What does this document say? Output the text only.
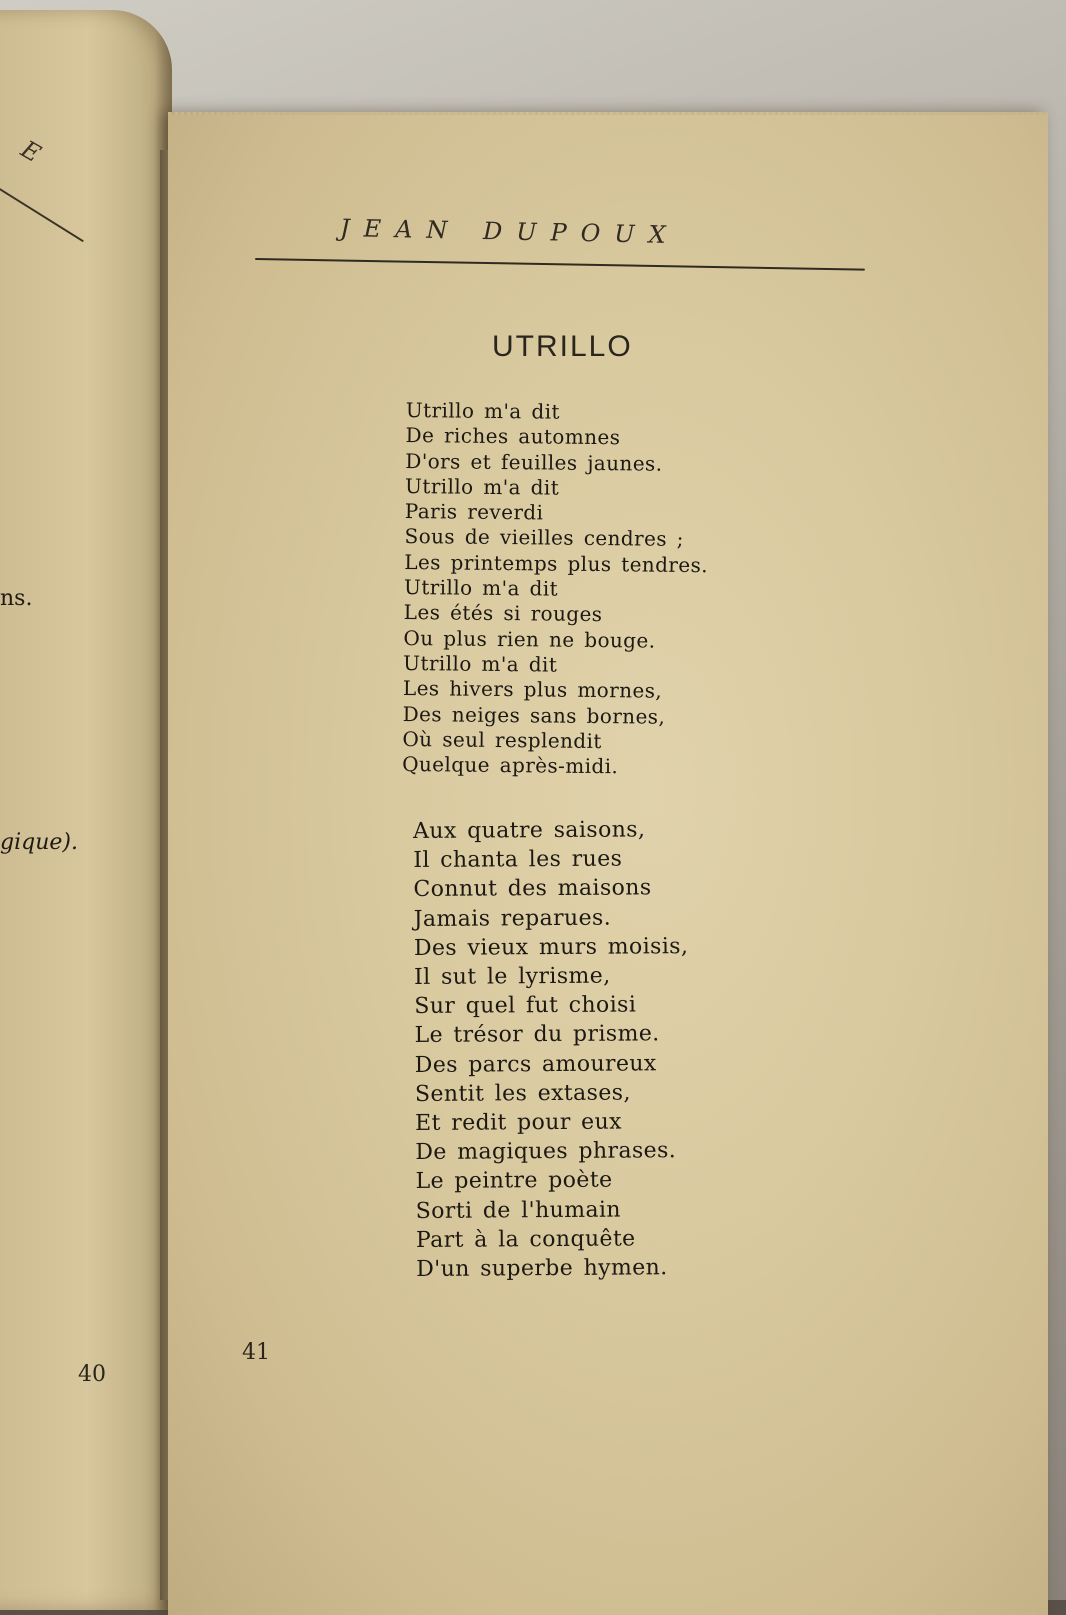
E
ns.
gique).
40
JEAN DUPOUX
UTRILLO
Utrillo m'a dit
De riches automnes
D'ors et feuilles jaunes.
Utrillo m'a dit
Paris reverdi
Sous de vieilles cendres ;
Les printemps plus tendres.
Utrillo m'a dit
Les étés si rouges
Ou plus rien ne bouge.
Utrillo m'a dit
Les hivers plus mornes,
Des neiges sans bornes,
Où seul resplendit
Quelque après-midi.
Aux quatre saisons,
Il chanta les rues
Connut des maisons
Jamais reparues.
Des vieux murs moisis,
Il sut le lyrisme,
Sur quel fut choisi
Le trésor du prisme.
Des parcs amoureux
Sentit les extases,
Et redit pour eux
De magiques phrases.
Le peintre poète
Sorti de l'humain
Part à la conquête
D'un superbe hymen.
41
